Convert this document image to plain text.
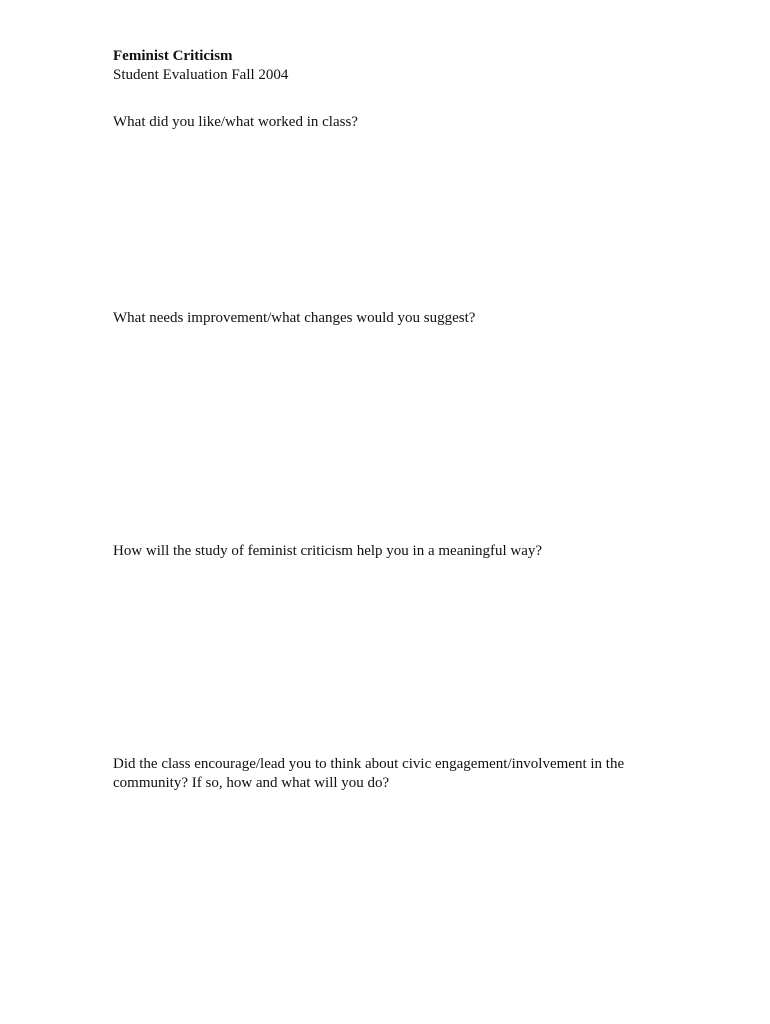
Feminist Criticism

Student Evaluation Fall 2004

What did you like/what worked in class?

What needs improvement/what changes would you suggest?

How will the study of feminist criticism help you in a meaningful way?

Did the class encourage/lead you to think about civic engagement/involvement in the community? If so, how and what will you do?
